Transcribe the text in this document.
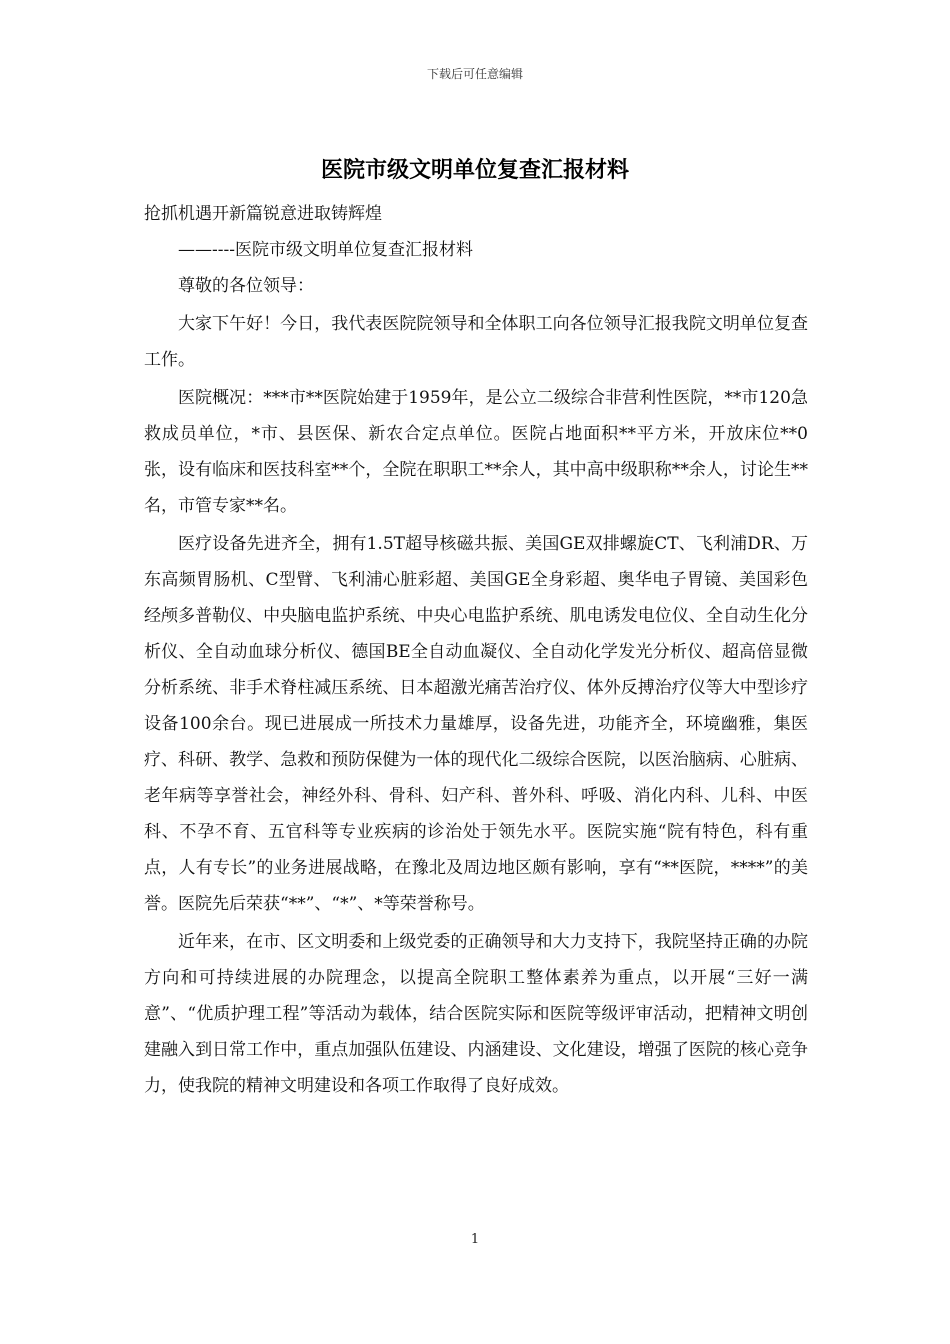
下载后可任意编辑
医院市级文明单位复查汇报材料

抢抓机遇开新篇锐意进取铸辉煌

——----医院市级文明单位复查汇报材料

尊敬的各位领导：

大家下午好！今日，我代表医院院领导和全体职工向各位领导汇报我院文明单位复查工作。

医院概况：***市**医院始建于1959年，是公立二级综合非营利性医院，**市120急救成员单位，*市、县医保、新农合定点单位。医院占地面积**平方米，开放床位**0张，设有临床和医技科室**个，全院在职职工**余人，其中高中级职称**余人，讨论生**名，市管专家**名。

医疗设备先进齐全，拥有1.5T超导核磁共振、美国GE双排螺旋CT、飞利浦DR、万东高频胃肠机、C型臂、飞利浦心脏彩超、美国GE全身彩超、奥华电子胃镜、美国彩色经颅多普勒仪、中央脑电监护系统、中央心电监护系统、肌电诱发电位仪、全自动生化分析仪、全自动血球分析仪、德国BE全自动血凝仪、全自动化学发光分析仪、超高倍显微分析系统、非手术脊柱减压系统、日本超激光痛苦治疗仪、体外反搏治疗仪等大中型诊疗设备100余台。现已进展成一所技术力量雄厚，设备先进，功能齐全，环境幽雅，集医疗、科研、教学、急救和预防保健为一体的现代化二级综合医院，以医治脑病、心脏病、老年病等享誉社会，神经外科、骨科、妇产科、普外科、呼吸、消化内科、儿科、中医科、不孕不育、五官科等专业疾病的诊治处于领先水平。医院实施“院有特色，科有重点，人有专长”的业务进展战略，在豫北及周边地区颇有影响，享有“**医院，****”的美誉。医院先后荣获“**”、“*”、*等荣誉称号。

近年来，在市、区文明委和上级党委的正确领导和大力支持下，我院坚持正确的办院方向和可持续进展的办院理念，以提高全院职工整体素养为重点，以开展“三好一满意”、“优质护理工程”等活动为载体，结合医院实际和医院等级评审活动，把精神文明创建融入到日常工作中，重点加强队伍建设、内涵建设、文化建设，增强了医院的核心竞争力，使我院的精神文明建设和各项工作取得了良好成效。

1
